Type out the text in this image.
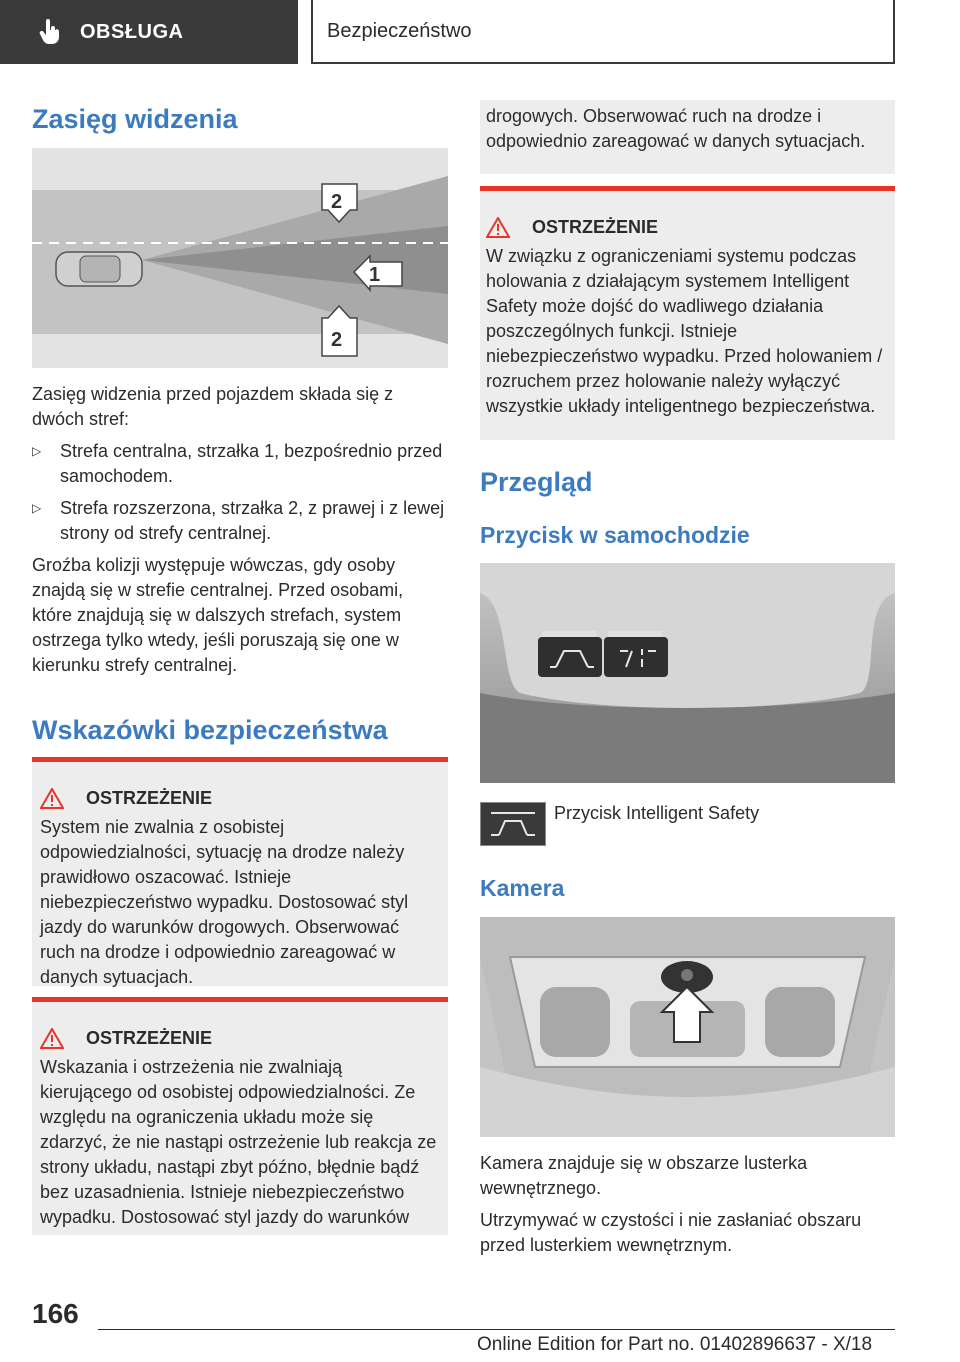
OBSŁUGA	Bezpieczeństwo
Zasięg widzenia
2
1
2

Zasięg widzenia przed pojazdem składa się z dwóch stref:

▷	Strefa centralna, strzałka 1, bezpośrednio przed samochodem.

▷	Strefa rozszerzona, strzałka 2, z prawej i z lewej strony od strefy centralnej.

Groźba kolizji występuje wówczas, gdy osoby znajdą się w strefie centralnej. Przed osobami, które znajdują się w dalszych strefach, system ostrzega tylko wtedy, jeśli poruszają się one w kierunku strefy centralnej.

Wskazówki bezpieczeństwa
OSTRZEŻENIE

System nie zwalnia z osobistej odpowiedzialności, sytuację na drodze należy prawidłowo oszacować. Istnieje niebezpieczeństwo wypadku. Dostosować styl jazdy do warunków drogowych. Obserwować ruch na drodze i odpowiednio zareagować w danych sytuacjach.

OSTRZEŻENIE

Wskazania i ostrzeżenia nie zwalniają kierującego od osobistej odpowiedzialności. Ze względu na ograniczenia układu może się zdarzyć, że nie nastąpi ostrzeżenie lub reakcja ze strony układu, nastąpi zbyt późno, błędnie bądź bez uzasadnienia. Istnieje niebezpieczeństwo wypadku. Dostosować styl jazdy do warunków

drogowych. Obserwować ruch na drodze i odpowiednio zareagować w danych sytuacjach.

OSTRZEŻENIE

W związku z ograniczeniami systemu podczas holowania z działającym systemem Intelligent Safety może dojść do wadliwego działania poszczególnych funkcji. Istnieje niebezpieczeństwo wypadku. Przed holowaniem / rozruchem przez holowanie należy wyłączyć wszystkie układy inteligentnego bezpieczeństwa.

Przegląd
Przycisk w samochodzie

Przycisk Intelligent Safety

Kamera

Kamera znajduje się w obszarze lusterka wewnętrznego.

Utrzymywać w czystości i nie zasłaniać obszaru przed lusterkiem wewnętrznym.

166
Online Edition for Part no. 01402896637 - X/18
